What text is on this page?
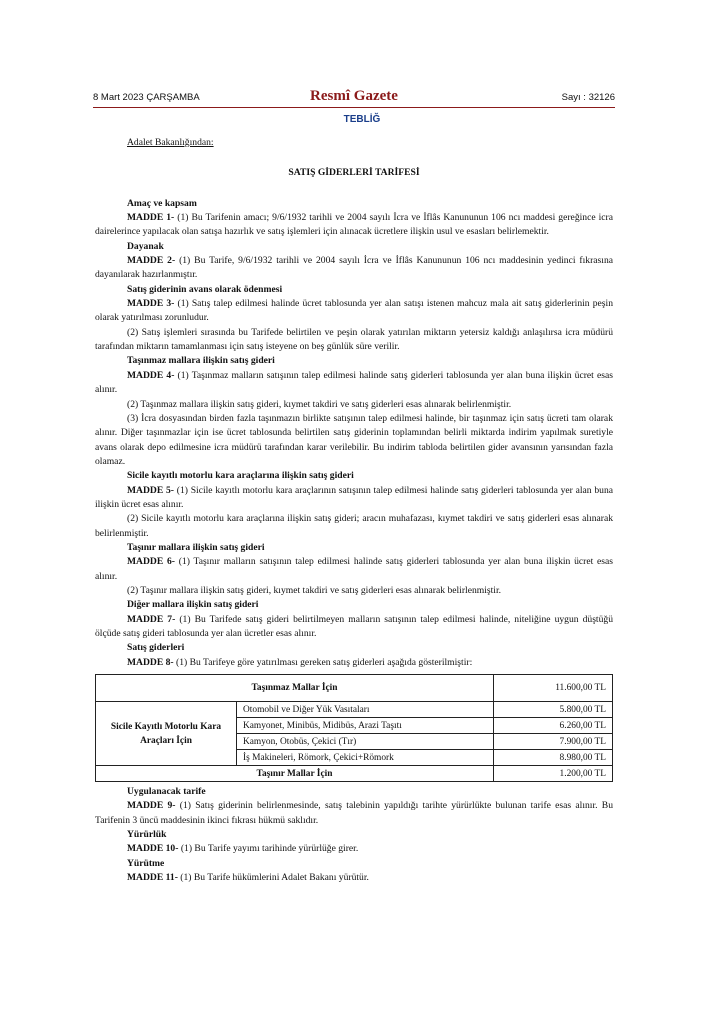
8 Mart 2023 ÇARŞAMBA	Resmî Gazete	Sayı : 32126
TEBLİĞ

Adalet Bakanlığından:

SATIŞ GİDERLERİ TARİFESİ

Amaç ve kapsam

MADDE 1- (1) Bu Tarifenin amacı; 9/6/1932 tarihli ve 2004 sayılı İcra ve İflâs Kanununun 106 ncı maddesi gereğince icra dairelerince yapılacak olan satışa hazırlık ve satış işlemleri için alınacak ücretlere ilişkin usul ve esasları belirlemektir.

Dayanak

MADDE 2- (1) Bu Tarife, 9/6/1932 tarihli ve 2004 sayılı İcra ve İflâs Kanununun 106 ncı maddesinin yedinci fıkrasına dayanılarak hazırlanmıştır.

Satış giderinin avans olarak ödenmesi

MADDE 3- (1) Satış talep edilmesi halinde ücret tablosunda yer alan satışı istenen mahcuz mala ait satış giderlerinin peşin olarak yatırılması zorunludur.

(2) Satış işlemleri sırasında bu Tarifede belirtilen ve peşin olarak yatırılan miktarın yetersiz kaldığı anlaşılırsa icra müdürü tarafından miktarın tamamlanması için satış isteyene on beş günlük süre verilir.

Taşınmaz mallara ilişkin satış gideri

MADDE 4- (1) Taşınmaz malların satışının talep edilmesi halinde satış giderleri tablosunda yer alan buna ilişkin ücret esas alınır.

(2) Taşınmaz mallara ilişkin satış gideri, kıymet takdiri ve satış giderleri esas alınarak belirlenmiştir.

(3) İcra dosyasından birden fazla taşınmazın birlikte satışının talep edilmesi halinde, bir taşınmaz için satış ücreti tam olarak alınır. Diğer taşınmazlar için ise ücret tablosunda belirtilen satış giderinin toplamından belirli miktarda indirim yapılmak suretiyle avans olarak depo edilmesine icra müdürü tarafından karar verilebilir. Bu indirim tabloda belirtilen gider avansının yarısından fazla olamaz.

Sicile kayıtlı motorlu kara araçlarına ilişkin satış gideri

MADDE 5- (1) Sicile kayıtlı motorlu kara araçlarının satışının talep edilmesi halinde satış giderleri tablosunda yer alan buna ilişkin ücret esas alınır.

(2) Sicile kayıtlı motorlu kara araçlarına ilişkin satış gideri; aracın muhafazası, kıymet takdiri ve satış giderleri esas alınarak belirlenmiştir.

Taşınır mallara ilişkin satış gideri

MADDE 6- (1) Taşınır malların satışının talep edilmesi halinde satış giderleri tablosunda yer alan buna ilişkin ücret esas alınır.

(2) Taşınır mallara ilişkin satış gideri, kıymet takdiri ve satış giderleri esas alınarak belirlenmiştir.

Diğer mallara ilişkin satış gideri

MADDE 7- (1) Bu Tarifede satış gideri belirtilmeyen malların satışının talep edilmesi halinde, niteliğine uygun düştüğü ölçüde satış gideri tablosunda yer alan ücretler esas alınır.

Satış giderleri

MADDE 8- (1) Bu Tarifeye göre yatırılması gereken satış giderleri aşağıda gösterilmiştir:

Taşınmaz Mallar İçin		11.600,00 TL
Sicile Kayıtlı Motorlu Kara Araçları İçin	Otomobil ve Diğer Yük Vasıtaları	5.800,00 TL
	Kamyonet, Minibüs, Midibüs, Arazi Taşıtı	6.260,00 TL
	Kamyon, Otobüs, Çekici (Tır)	7.900,00 TL
	İş Makineleri, Römork, Çekici+Römork	8.980,00 TL
Taşınır Mallar İçin		1.200,00 TL

Uygulanacak tarife

MADDE 9- (1) Satış giderinin belirlenmesinde, satış talebinin yapıldığı tarihte yürürlükte bulunan tarife esas alınır. Bu Tarifenin 3 üncü maddesinin ikinci fıkrası hükmü saklıdır.

Yürürlük

MADDE 10- (1) Bu Tarife yayımı tarihinde yürürlüğe girer.

Yürütme

MADDE 11- (1) Bu Tarife hükümlerini Adalet Bakanı yürütür.
